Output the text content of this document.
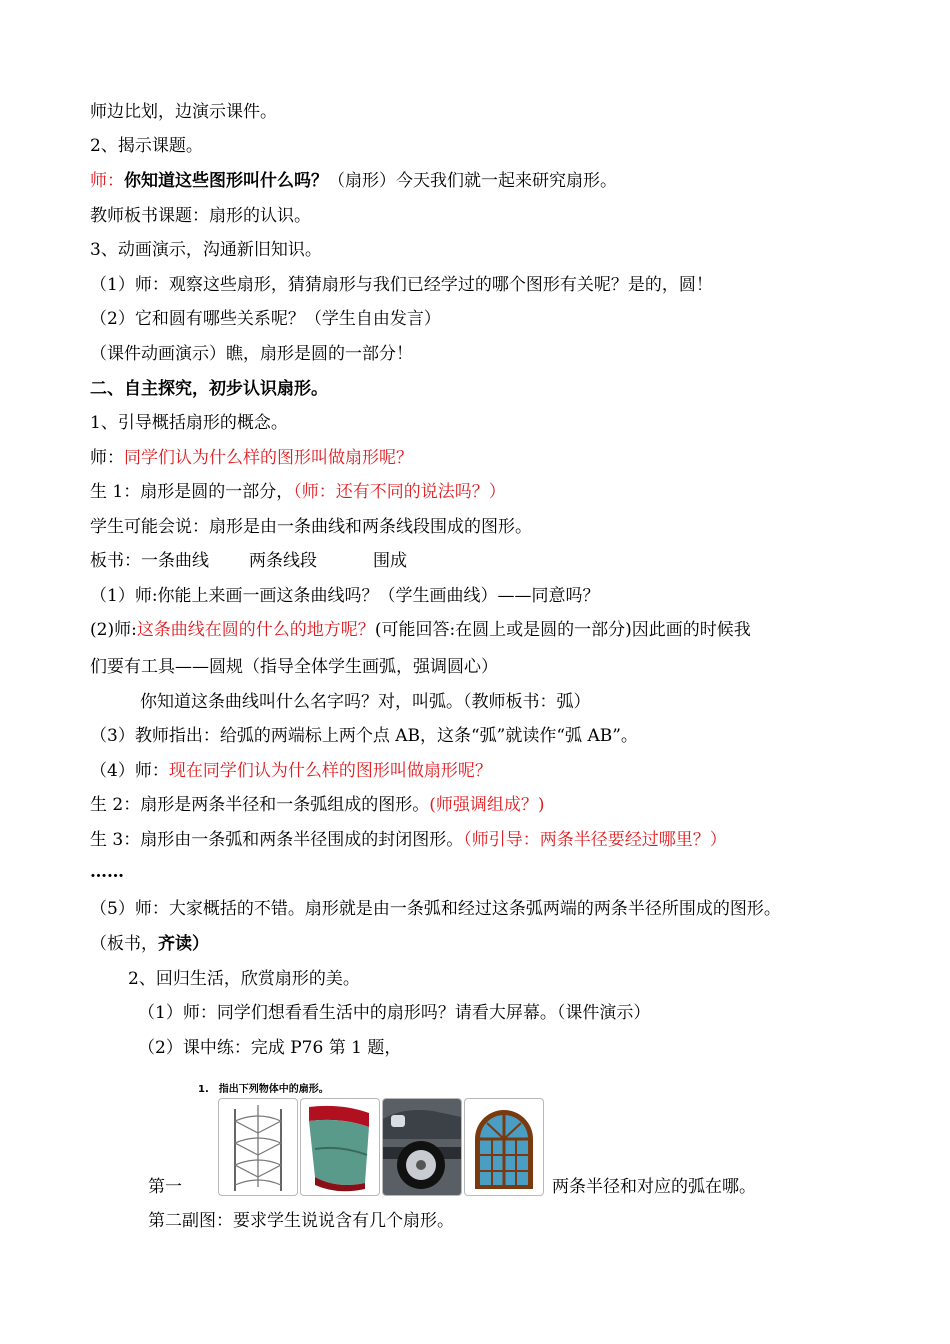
师边比划，边演示课件。
2、揭示课题。
师：你知道这些图形叫什么吗？（扇形）今天我们就一起来研究扇形。
教师板书课题：扇形的认识。
3、动画演示，沟通新旧知识。
（1）师：观察这些扇形，猜猜扇形与我们已经学过的哪个图形有关呢？是的，圆！
（2）它和圆有哪些关系呢？（学生自由发言）
（课件动画演示）瞧，扇形是圆的一部分！
二、自主探究，初步认识扇形。
1、引导概括扇形的概念。
师：同学们认为什么样的图形叫做扇形呢？
生 1：扇形是圆的一部分，（师：还有不同的说法吗？）
学生可能会说：扇形是由一条曲线和两条线段围成的图形。
板书：一条曲线 两条线段	围成
（1）师:你能上来画一画这条曲线吗？（学生画曲线）——同意吗？
(2)师:这条曲线在圆的什么的地方呢？(可能回答:在圆上或是圆的一部分)因此画的时候我
们要有工具——圆规（指导全体学生画弧，强调圆心）
你知道这条曲线叫什么名字吗？对，叫弧。（教师板书：弧）
（3）教师指出：给弧的两端标上两个点 AB，这条“弧”就读作“弧 AB”。
（4）师：现在同学们认为什么样的图形叫做扇形呢？
生 2：扇形是两条半径和一条弧组成的图形。(师强调组成？)
生 3：扇形由一条弧和两条半径围成的封闭图形。（师引导：两条半径要经过哪里？）
……
（5）师：大家概括的不错。扇形就是由一条弧和经过这条弧两端的两条半径所围成的图形。
（板书，齐读）
2、回归生活，欣赏扇形的美。
（1）师：同学们想看看生活中的扇形吗？请看大屏幕。（课件演示）
（2）课中练：完成 P76 第 1 题，
第一	两条半径和对应的弧在哪。
第二副图：要求学生说说含有几个扇形。
1.　指出下列物体中的扇形。
